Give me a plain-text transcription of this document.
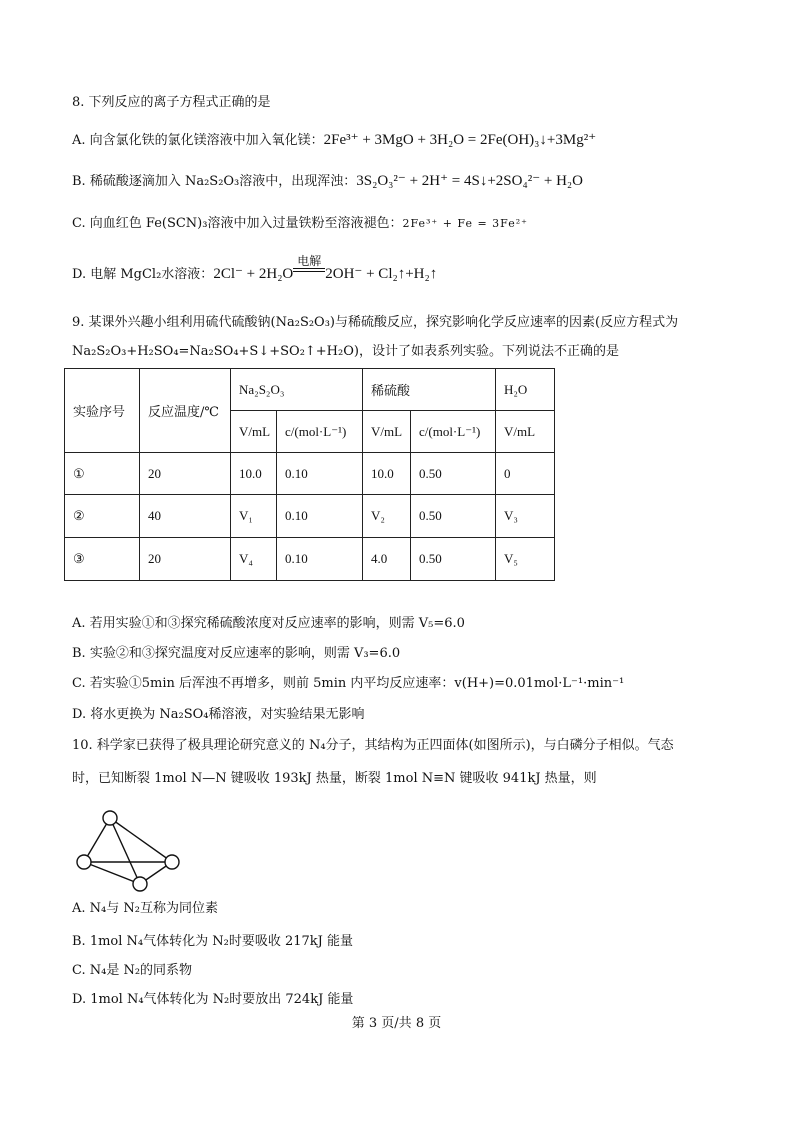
8. 下列反应的离子方程式正确的是
A. 向含氯化铁的氯化镁溶液中加入氧化镁：2Fe³⁺ + 3MgO + 3H₂O = 2Fe(OH)₃↓+3Mg²⁺
B. 稀硫酸逐滴加入 Na₂S₂O₃溶液中，出现浑浊：3S₂O₃²⁻ + 2H⁺ = 4S↓+2SO₄²⁻ + H₂O
C. 向血红色 Fe(SCN)₃溶液中加入过量铁粉至溶液褪色：2Fe³⁺ + Fe = 3Fe²⁺
D. 电解 MgCl₂水溶液：2Cl⁻ + 2H₂O
电解
2OH⁻ + Cl₂↑+H₂↑
9. 某课外兴趣小组利用硫代硫酸钠(Na₂S₂O₃)与稀硫酸反应，探究影响化学反应速率的因素(反应方程式为
Na₂S₂O₃+H₂SO₄=Na₂SO₄+S↓+SO₂↑+H₂O)，设计了如表系列实验。下列说法不正确的是
实验序号	反应温度/℃	Na₂S₂O₃		稀硫酸		H₂O
		V/mL	c/(mol·L⁻¹)	V/mL	c/(mol·L⁻¹)	V/mL
①	20	10.0	0.10	10.0	0.50	0
②	40	V₁	0.10	V₂	0.50	V₃
③	20	V₄	0.10	4.0	0.50	V₅
A. 若用实验①和③探究稀硫酸浓度对反应速率的影响，则需 V₅=6.0
B. 实验②和③探究温度对反应速率的影响，则需 V₃=6.0
C. 若实验①5min 后浑浊不再增多，则前 5min 内平均反应速率：v(H+)=0.01mol·L⁻¹·min⁻¹
D. 将水更换为 Na₂SO₄稀溶液，对实验结果无影响
10. 科学家已获得了极具理论研究意义的 N₄分子，其结构为正四面体(如图所示)，与白磷分子相似。气态
时，已知断裂 1mol N—N 键吸收 193kJ 热量，断裂 1mol N≡N 键吸收 941kJ 热量，则
A. N₄与 N₂互称为同位素
B. 1mol N₄气体转化为 N₂时要吸收 217kJ 能量
C. N₄是 N₂的同系物
D. 1mol N₄气体转化为 N₂时要放出 724kJ 能量
第 3 页/共 8 页
